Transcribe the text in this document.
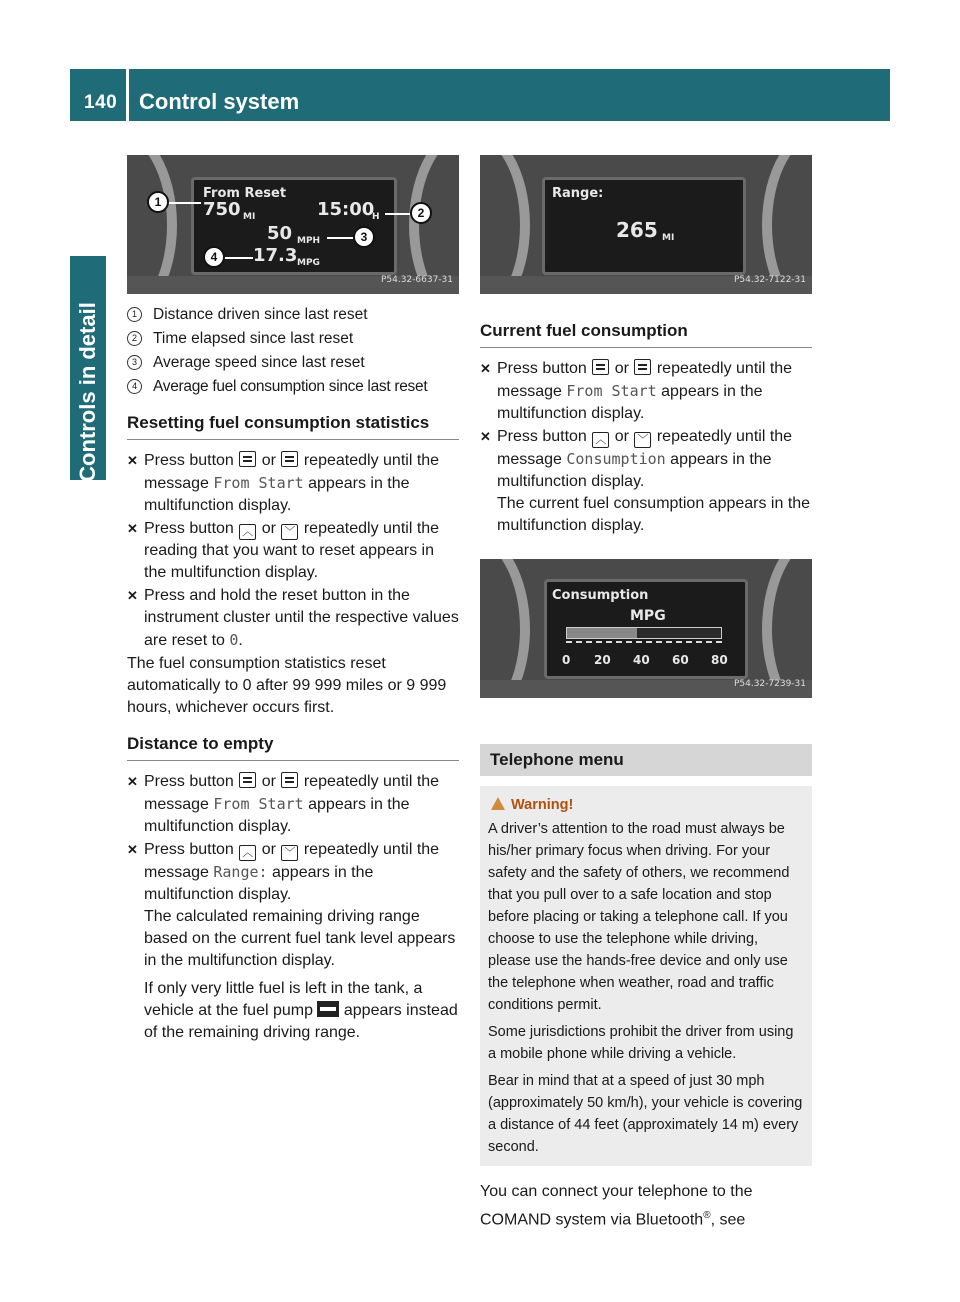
140 Control system
Controls in detail
From Reset
750 MI	15:00
H
50 MPH
17.3 MPG
1
2
3
4
P54.32-6637-31
1	Distance driven since last reset
2	Time elapsed since last reset
3	Average speed since last reset
4	Average fuel consumption since last reset
Resetting fuel consumption statistics
✕ Press button
or
repeatedly until the message From Start appears in the multifunction display.
✕ Press button ︿ or ﹀ repeatedly until the reading that you want to reset appears in the multifunction display.
✕ Press and hold the reset button in the instrument cluster until the respective values are reset to 0.

The fuel consumption statistics reset automatically to 0 after 99 999 miles or 9 999 hours, whichever occurs first.

Distance to empty
✕ Press button
or
repeatedly until the message From Start appears in the multifunction display.
✕ Press button ︿ or ﹀ repeatedly until the message Range: appears in the multifunction display.
The calculated remaining driving range based on the current fuel tank level appears in the multifunction display.
If only very little fuel is left in the tank, a vehicle at the fuel pump
appears instead of the remaining driving range.
Range:
265 MI
P54.32-7122-31
Current fuel consumption
✕ Press button
or
repeatedly until the message From Start appears in the multifunction display.
✕ Press button ︿ or ﹀ repeatedly until the message Consumption appears in the multifunction display.
The current fuel consumption appears in the multifunction display.
Consumption
MPG
0 20 40 60 80
P54.32-7239-31
Telephone menu
Warning!

A driver’s attention to the road must always be his/her primary focus when driving. For your safety and the safety of others, we recommend that you pull over to a safe location and stop before placing or taking a telephone call. If you choose to use the telephone while driving, please use the hands-free device and only use the telephone when weather, road and traffic conditions permit.

Some jurisdictions prohibit the driver from using a mobile phone while driving a vehicle.

Bear in mind that at a speed of just 30 mph (approximately 50 km/h), your vehicle is covering a distance of 44 feet (approximately 14 m) every second.

You can connect your telephone to the COMAND system via Bluetooth®, see
